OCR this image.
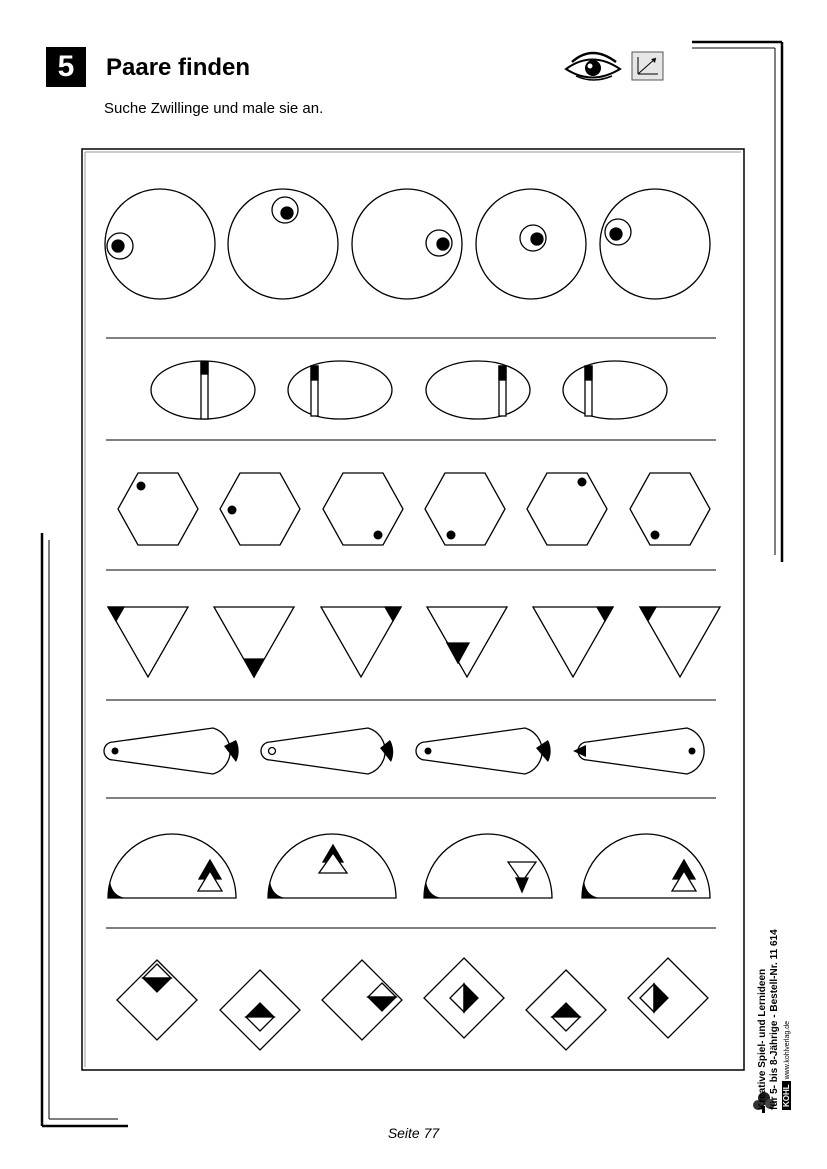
5	Paare finden
Suche Zwillinge und male sie an.
Kreative Spiel- und Lernideen für 5- bis 8-Jährige - Bestell-Nr. 11 614 KOHL www.kohlverlag.de
Seite 77
